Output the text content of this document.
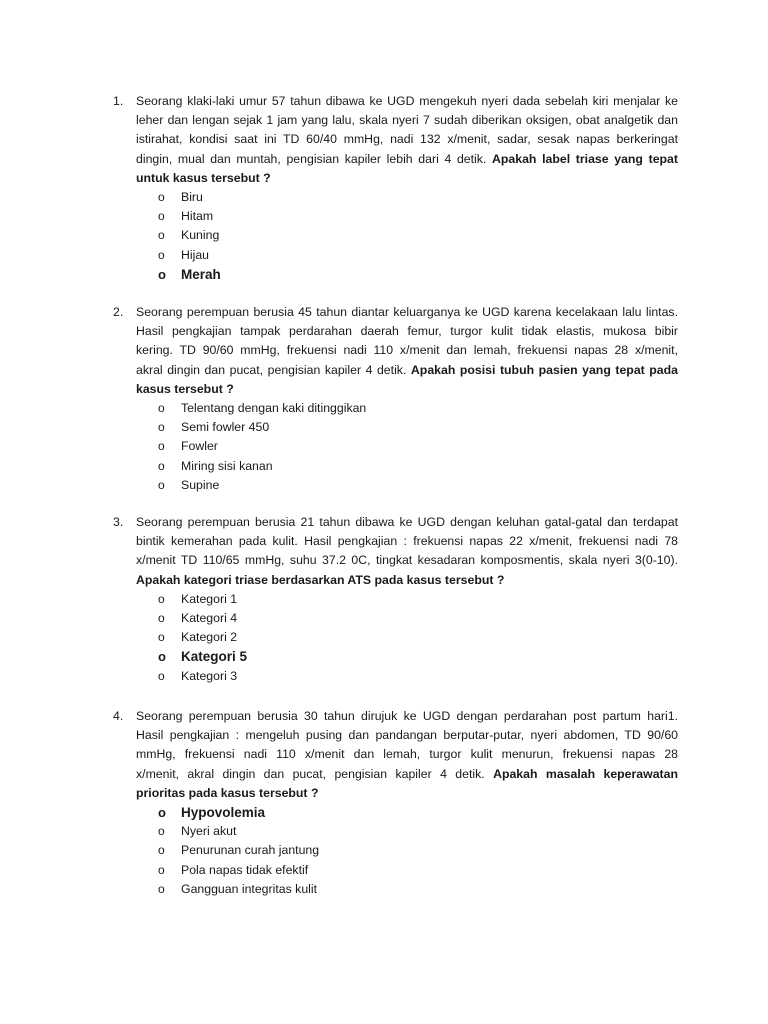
1. Seorang klaki-laki umur 57 tahun dibawa ke UGD mengekuh nyeri dada sebelah kiri menjalar ke
leher dan lengan sejak 1 jam yang lalu, skala nyeri 7 sudah diberikan oksigen, obat analgetik dan
istirahat, kondisi saat ini TD 60/40 mmHg, nadi 132 x/menit, sadar, sesak napas berkeringat
dingin, mual dan muntah, pengisian kapiler lebih dari 4 detik. Apakah label triase yang tepat
untuk kasus tersebut ?
o Biru
o Hitam
o Kuning
o Hijau
o Merah
2. Seorang perempuan berusia 45 tahun diantar keluarganya ke UGD karena kecelakaan lalu lintas.
Hasil pengkajian tampak perdarahan daerah femur, turgor kulit tidak elastis, mukosa bibir
kering. TD 90/60 mmHg, frekuensi nadi 110 x/menit dan lemah, frekuensi napas 28 x/menit,
akral dingin dan pucat, pengisian kapiler 4 detik. Apakah posisi tubuh pasien yang tepat pada
kasus tersebut ?
o Telentang dengan kaki ditinggikan
o Semi fowler 450
o Fowler
o Miring sisi kanan
o Supine
3. Seorang perempuan berusia 21 tahun dibawa ke UGD dengan keluhan gatal-gatal dan terdapat
bintik kemerahan pada kulit. Hasil pengkajian : frekuensi napas 22 x/menit, frekuensi nadi 78
x/menit TD 110/65 mmHg, suhu 37.2 0C, tingkat kesadaran komposmentis, skala nyeri 3(0-10).
Apakah kategori triase berdasarkan ATS pada kasus tersebut ?
o Kategori 1
o Kategori 4
o Kategori 2
o Kategori 5
o Kategori 3
4. Seorang perempuan berusia 30 tahun dirujuk ke UGD dengan perdarahan post partum hari1.
Hasil pengkajian : mengeluh pusing dan pandangan berputar-putar, nyeri abdomen, TD 90/60
mmHg, frekuensi nadi 110 x/menit dan lemah, turgor kulit menurun, frekuensi napas 28
x/menit, akral dingin dan pucat, pengisian kapiler 4 detik. Apakah masalah keperawatan
prioritas pada kasus tersebut ?
o Hypovolemia
o Nyeri akut
o Penurunan curah jantung
o Pola napas tidak efektif
o Gangguan integritas kulit
